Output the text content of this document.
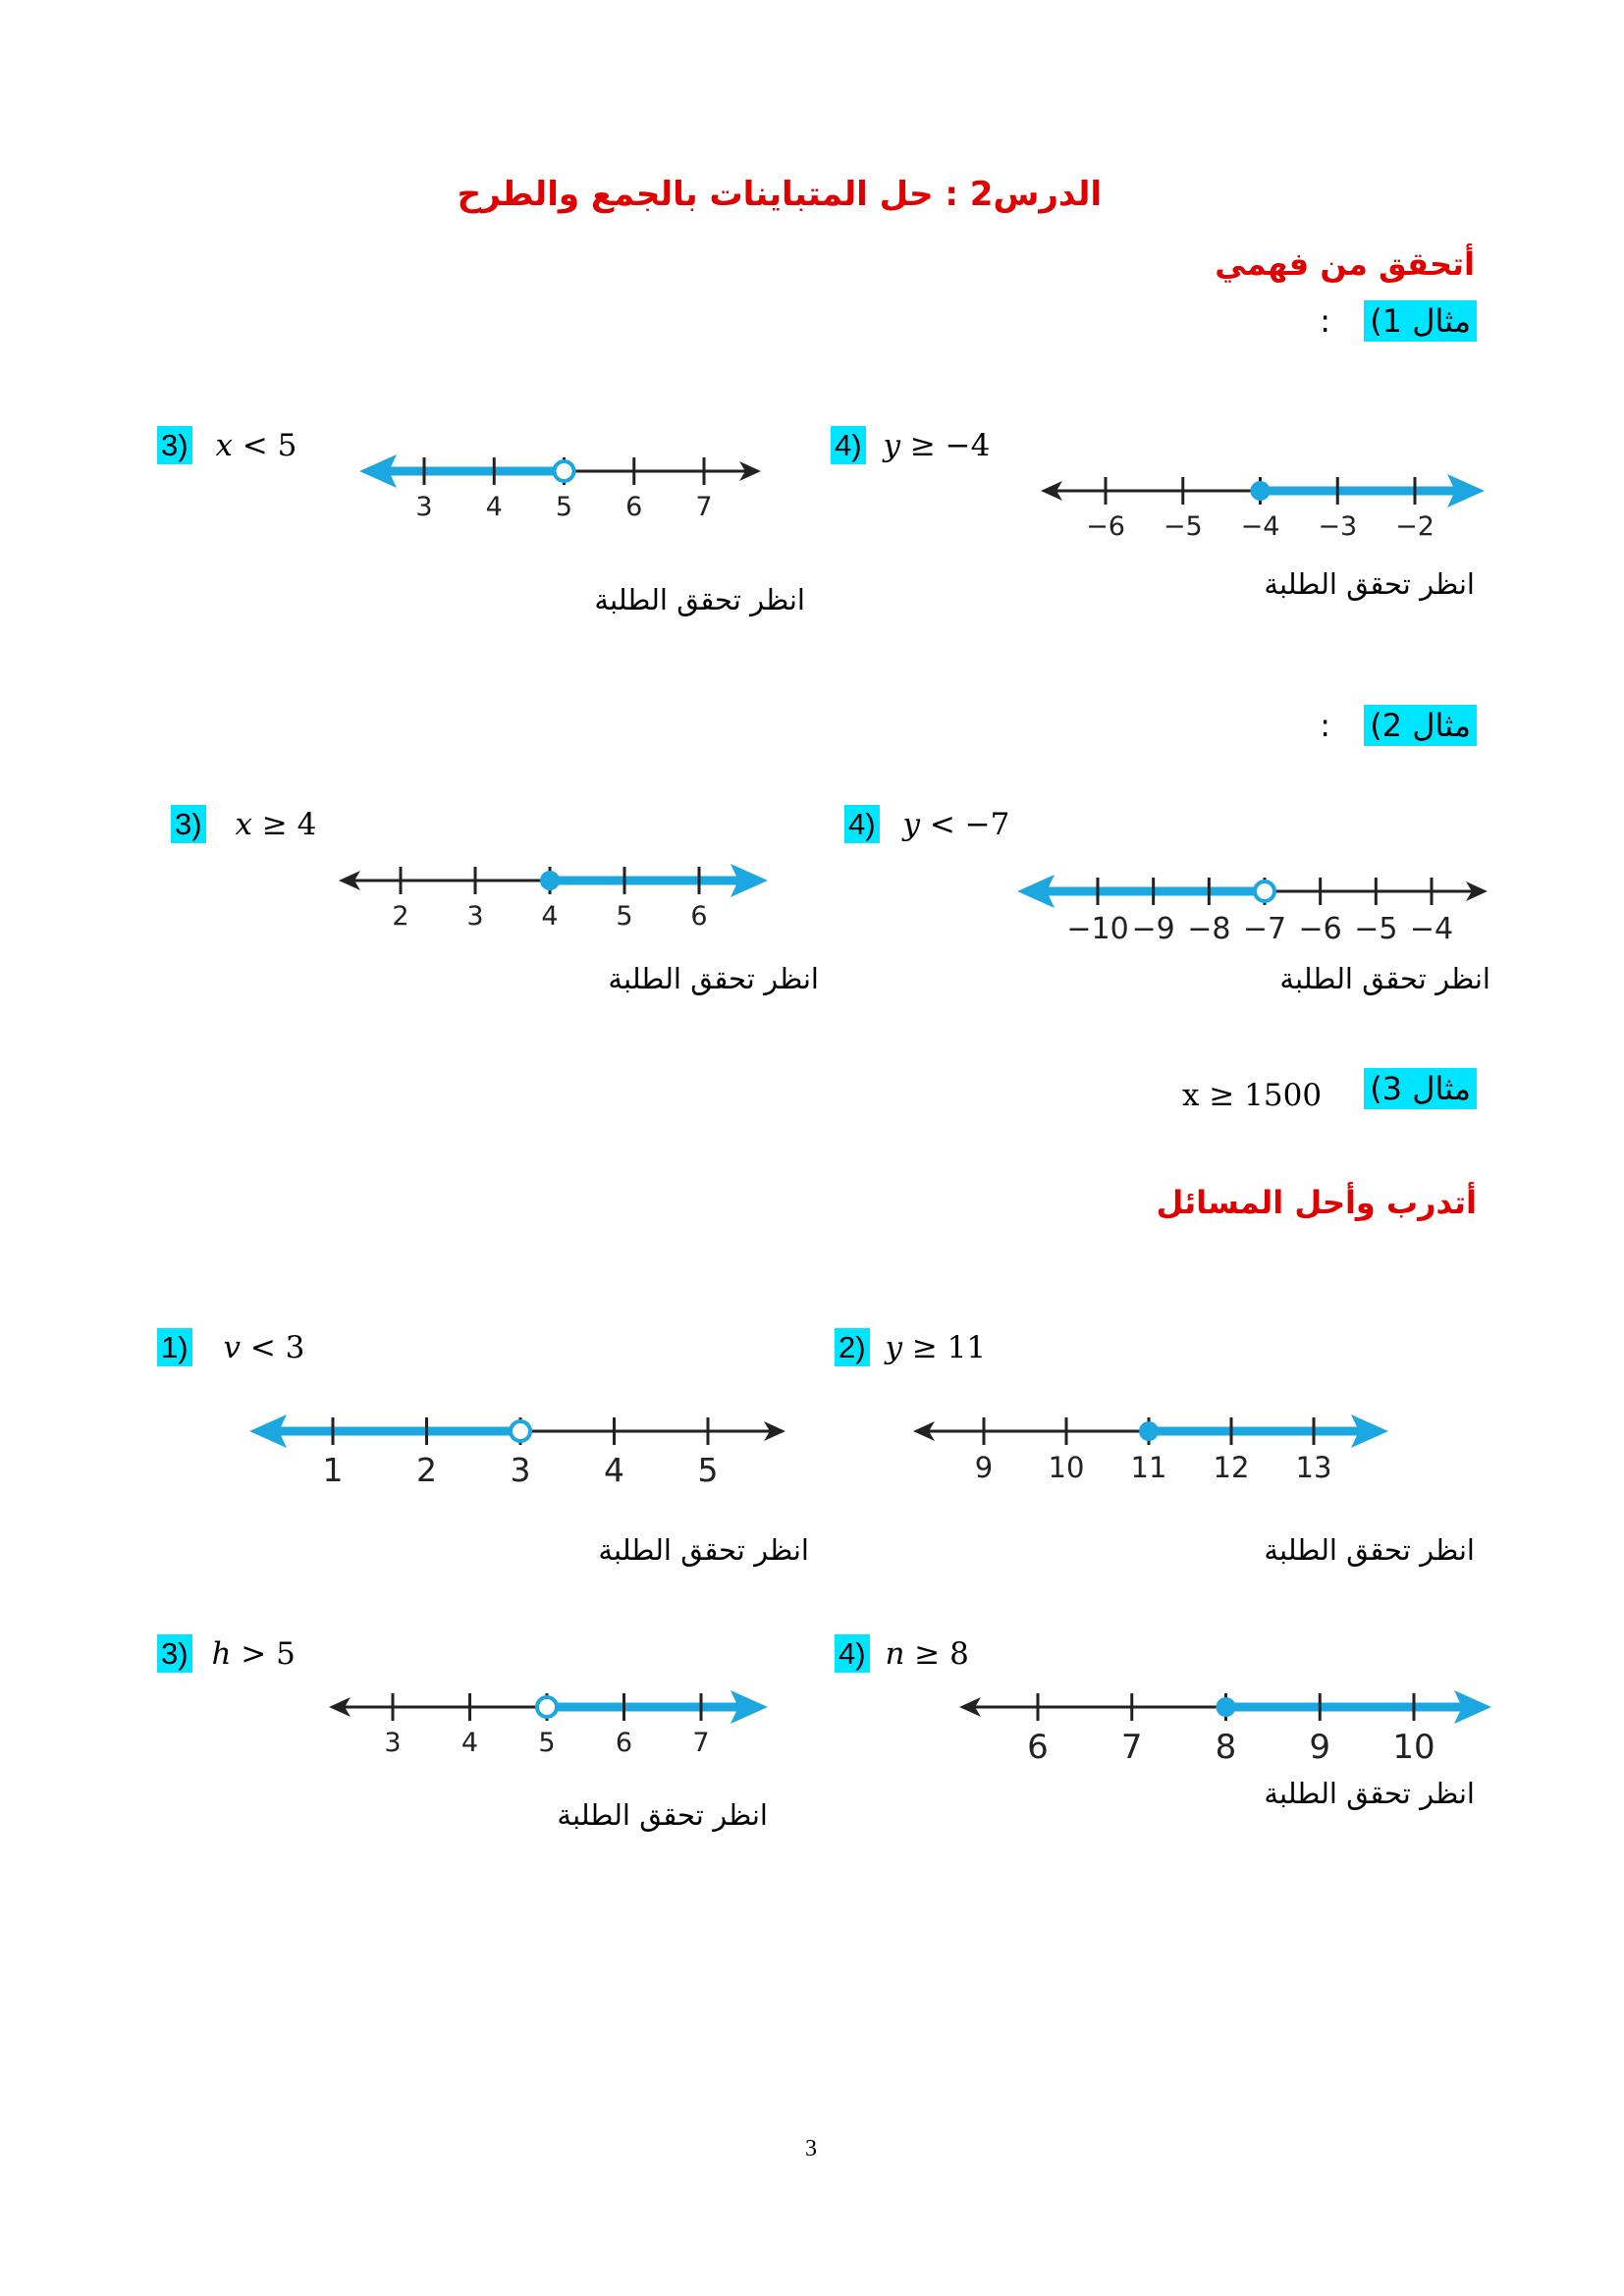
الدرس2 : حل المتباينات بالجمع والطرح
أتحقق من فهمي
مثال 1) :
3) x < 5
3 4 5 6 7
انظر تحقق الطلبة
4) y ≥ −4
−6 −5 −4 −3 −2
انظر تحقق الطلبة
مثال 2) :
3) x ≥ 4
2 3 4 5 6
انظر تحقق الطلبة
4) y < −7
−10 −9 −8 −7 −6 −5 −4
انظر تحقق الطلبة
مثال 3)
x ≥ 1500
أتدرب وأحل المسائل
1) v < 3
1 2 3 4 5
انظر تحقق الطلبة
2) y ≥ 11
9 10 11 12 13
انظر تحقق الطلبة
3) h > 5
3 4 5 6 7
انظر تحقق الطلبة
4) n ≥ 8
6 7 8 9 10
انظر تحقق الطلبة
3
